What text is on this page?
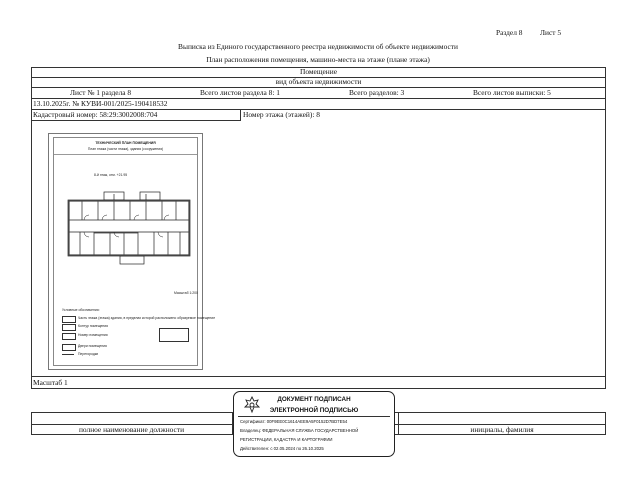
Раздел 8 Лист 5
Выписка из Единого государственного реестра недвижимости об объекте недвижимости
План расположения помещения, машино-места на этаже (плане этажа)
Помещение
вид объекта недвижимости
Лист № 1 раздела 8	Всего листов раздела 8: 1	Всего разделов: 3	Всего листов выписки: 5
13.10.2025г. № КУВИ-001/2025-190418532
Кадастровый номер: 58:29:3002008:704	Номер этажа (этажей): 8
ТЕХНИЧЕСКИЙ ПЛАН ПОМЕЩЕНИЯ
План этажа (части этажа), здания (сооружения)
8-й этаж, отм. +21.95
Масштаб 1:200
Условные обозначения:
Часть этажа (этажа) здания, в пределах которой расположено образуемое помещение
Контур помещения
Номер помещения
Двери помещения
Перегородки
Масштаб 1
полное наименование должности	инициалы, фамилия
ДОКУМЕНТ ПОДПИСАН
ЭЛЕКТРОННОЙ ПОДПИСЬЮ
Сертификат: 00F9EE0C1614AEE9A5F0152D7BD7E54
Владелец: ФЕДЕРАЛЬНАЯ СЛУЖБА ГОСУДАРСТВЕННОЙ
РЕГИСТРАЦИИ, КАДАСТРА И КАРТОГРАФИИ
Действителен: с 02.05.2024 по 26.10.2025
